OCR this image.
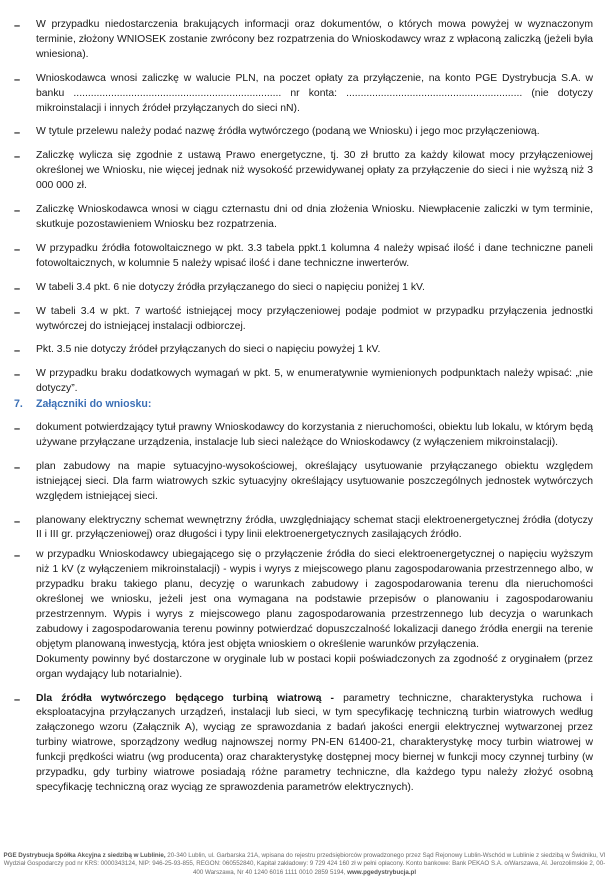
– W przypadku niedostarczenia brakujących informacji oraz dokumentów, o których mowa powyżej w wyznaczonym terminie, złożony WNIOSEK zostanie zwrócony bez rozpatrzenia do Wnioskodawcy wraz z wpłaconą zaliczką (jeżeli była wniesiona).
– Wnioskodawca wnosi zaliczkę w walucie PLN, na poczet opłaty za przyłączenie, na konto PGE Dystrybucja S.A. w banku ........................................................................ nr konta: ............................................................. (nie dotyczy mikroinstalacji i innych źródeł przyłączanych do sieci nN).
– W tytule przelewu należy podać nazwę źródła wytwórczego (podaną we Wniosku) i jego moc przyłączeniową.
– Zaliczkę wylicza się zgodnie z ustawą Prawo energetyczne, tj. 30 zł brutto za każdy kilowat mocy przyłączeniowej określonej we Wniosku, nie więcej jednak niż wysokość przewidywanej opłaty za przyłączenie do sieci i nie wyższą niż 3 000 000 zł.
– Zaliczkę Wnioskodawca wnosi w ciągu czternastu dni od dnia złożenia Wniosku. Niewpłacenie zaliczki w tym terminie, skutkuje pozostawieniem Wniosku bez rozpatrzenia.
– W przypadku źródła fotowoltaicznego w pkt. 3.3 tabela ppkt.1 kolumna 4 należy wpisać ilość i dane techniczne paneli fotowoltaicznych, w kolumnie 5 należy wpisać ilość i dane techniczne inwerterów.
– W tabeli 3.4 pkt. 6 nie dotyczy źródła przyłączanego do sieci o napięciu poniżej 1 kV.
– W tabeli 3.4 w pkt. 7 wartość istniejącej mocy przyłączeniowej podaje podmiot w przypadku przyłączenia jednostki wytwórczej do istniejącej instalacji odbiorczej.
– Pkt. 3.5 nie dotyczy źródeł przyłączanych do sieci o napięciu powyżej 1 kV.
– W przypadku braku dodatkowych wymagań w pkt. 5, w enumeratywnie wymienionych podpunktach należy wpisać: „nie dotyczy”.
7. Załączniki do wniosku:
– dokument potwierdzający tytuł prawny Wnioskodawcy do korzystania z nieruchomości, obiektu lub lokalu, w którym będą używane przyłączane urządzenia, instalacje lub sieci należące do Wnioskodawcy (z wyłączeniem mikroinstalacji).
– plan zabudowy na mapie sytuacyjno-wysokościowej, określający usytuowanie przyłączanego obiektu względem istniejącej sieci. Dla farm wiatrowych szkic sytuacyjny określający usytuowanie poszczególnych jednostek wytwórczych względem istniejącej sieci.
– planowany elektryczny schemat wewnętrzny źródła, uwzględniający schemat stacji elektroenergetycznej źródła (dotyczy II i III gr. przyłączeniowej) oraz długości i typy linii elektroenergetycznych zasilających źródło.
– w przypadku Wnioskodawcy ubiegającego się o przyłączenie źródła do sieci elektroenergetycznej o napięciu wyższym niż 1 kV (z wyłączeniem mikroinstalacji) - wypis i wyrys z miejscowego planu zagospodarowania przestrzennego albo, w przypadku braku takiego planu, decyzję o warunkach zabudowy i zagospodarowania terenu dla nieruchomości określonej we wniosku, jeżeli jest ona wymagana na podstawie przepisów o planowaniu i zagospodarowaniu przestrzennym. Wypis i wyrys z miejscowego planu zagospodarowania przestrzennego lub decyzja o warunkach zabudowy i zagospodarowania terenu powinny potwierdzać dopuszczalność lokalizacji danego źródła energii na terenie objętym planowaną inwestycją, która jest objęta wnioskiem o określenie warunków przyłączenia.
Dokumenty powinny być dostarczone w oryginale lub w postaci kopii poświadczonych za zgodność z oryginałem (przez organ wydający lub notarialnie).
– Dla źródła wytwórczego będącego turbiną wiatrową - parametry techniczne, charakterystyka ruchowa i eksploatacyjna przyłączanych urządzeń, instalacji lub sieci, w tym specyfikację techniczną turbin wiatrowych według załączonego wzoru (Załącznik A), wyciąg ze sprawozdania z badań jakości energii elektrycznej wytwarzonej przez turbiny wiatrowe, sporządzony według najnowszej normy PN-EN 61400-21, charakterystykę mocy turbin wiatrowej w funkcji prędkości wiatru (wg producenta) oraz charakterystykę dostępnej mocy biernej w funkcji mocy czynnej turbiny (w przypadku, gdy turbiny wiatrowe posiadają różne parametry techniczne, dla każdego typu należy złożyć osobną specyfikację techniczną oraz wyciąg ze sprawozdenia parametrów elektrycznych).
PGE Dystrybucja Spółka Akcyjna z siedzibą w Lublinie, 20-340 Lublin, ul. Garbarska 21A, wpisana do rejestru przedsiębiorców prowadzonego przez Sąd Rejonowy Lublin-Wschód w Lublinie z siedzibą w Świdniku, VI Wydział Gospodarczy pod nr KRS: 0000343124, NIP: 946-25-93-855, REGON: 060552840, Kapitał zakładowy: 9 729 424 160 zł w pełni opłacony. Konto bankowe: Bank PEKAO S.A. o/Warszawa, Al. Jerozolimskie 2, 00-400 Warszawa, Nr 40 1240 6016 1111 0010 2859 5194, www.pgedystrybucja.pl
